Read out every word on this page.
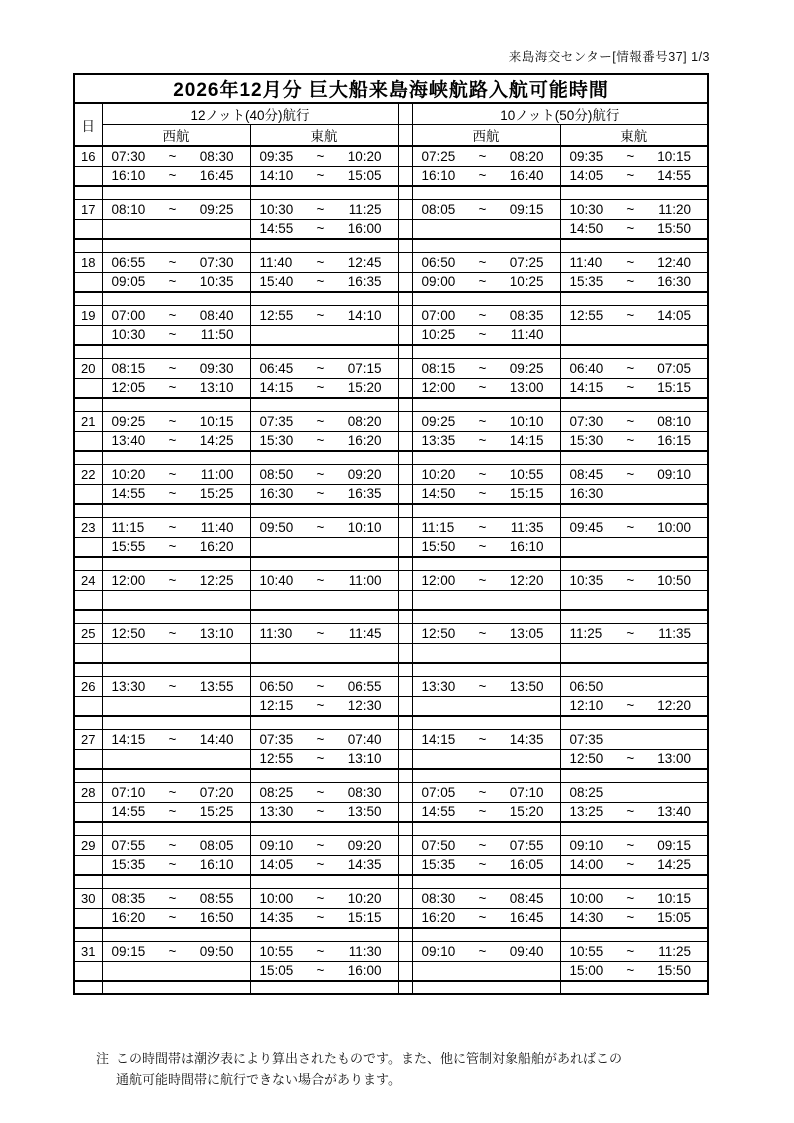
来島海交センター[情報番号37] 1/3
2026年12月分 巨大船来島海峡航路入航可能時間					
日	12ノット(40分)航行			10ノット(50分)航行	
	西航	東航		西航	東航
16	07:30 ~ 08:30	09:35 ~ 10:20		07:25 ~ 08:20	09:35 ~ 10:15

	16:10 ~ 16:45	14:10 ~ 15:05		16:10 ~ 16:40	14:05 ~ 14:55

17	08:10 ~ 09:25	10:30 ~ 11:25		08:05 ~ 09:15	10:30 ~ 11:20

		14:55 ~ 16:00			14:50 ~ 15:50

18	06:55 ~ 07:30	11:40 ~ 12:45		06:50 ~ 07:25	11:40 ~ 12:40

	09:05 ~ 10:35	15:40 ~ 16:35		09:00 ~ 10:25	15:35 ~ 16:30

19	07:00 ~ 08:40	12:55 ~ 14:10		07:00 ~ 08:35	12:55 ~ 14:05

	10:30 ~ 11:50			10:25 ~ 11:40	

20	08:15 ~ 09:30	06:45 ~ 07:15		08:15 ~ 09:25	06:40 ~ 07:05

	12:05 ~ 13:10	14:15 ~ 15:20		12:00 ~ 13:00	14:15 ~ 15:15

21	09:25 ~ 10:15	07:35 ~ 08:20		09:25 ~ 10:10	07:30 ~ 08:10

	13:40 ~ 14:25	15:30 ~ 16:20		13:35 ~ 14:15	15:30 ~ 16:15

22	10:20 ~ 11:00	08:50 ~ 09:20		10:20 ~ 10:55	08:45 ~ 09:10

	14:55 ~ 15:25	16:30 ~ 16:35		14:50 ~ 15:15	16:30

23	11:15 ~ 11:40	09:50 ~ 10:10		11:15 ~ 11:35	09:45 ~ 10:00

	15:55 ~ 16:20			15:50 ~ 16:10	

24	12:00 ~ 12:25	10:40 ~ 11:00		12:00 ~ 12:20	10:35 ~ 10:50

25	12:50 ~ 13:10	11:30 ~ 11:45		12:50 ~ 13:05	11:25 ~ 11:35

26	13:30 ~ 13:55	06:50 ~ 06:55		13:30 ~ 13:50	06:50

		12:15 ~ 12:30			12:10 ~ 12:20

27	14:15 ~ 14:40	07:35 ~ 07:40		14:15 ~ 14:35	07:35

		12:55 ~ 13:10			12:50 ~ 13:00

28	07:10 ~ 07:20	08:25 ~ 08:30		07:05 ~ 07:10	08:25

	14:55 ~ 15:25	13:30 ~ 13:50		14:55 ~ 15:20	13:25 ~ 13:40

29	07:55 ~ 08:05	09:10 ~ 09:20		07:50 ~ 07:55	09:10 ~ 09:15

	15:35 ~ 16:10	14:05 ~ 14:35		15:35 ~ 16:05	14:00 ~ 14:25

30	08:35 ~ 08:55	10:00 ~ 10:20		08:30 ~ 08:45	10:00 ~ 10:15

	16:20 ~ 16:50	14:35 ~ 15:15		16:20 ~ 16:45	14:30 ~ 15:05

31	09:15 ~ 09:50	10:55 ~ 11:30		09:10 ~ 09:40	10:55 ~ 11:25

		15:05 ~ 16:00			15:00 ~ 15:50

注 この時間帯は潮汐表により算出されたものです。また、他に管制対象船舶があればこの
通航可能時間帯に航行できない場合があります。
